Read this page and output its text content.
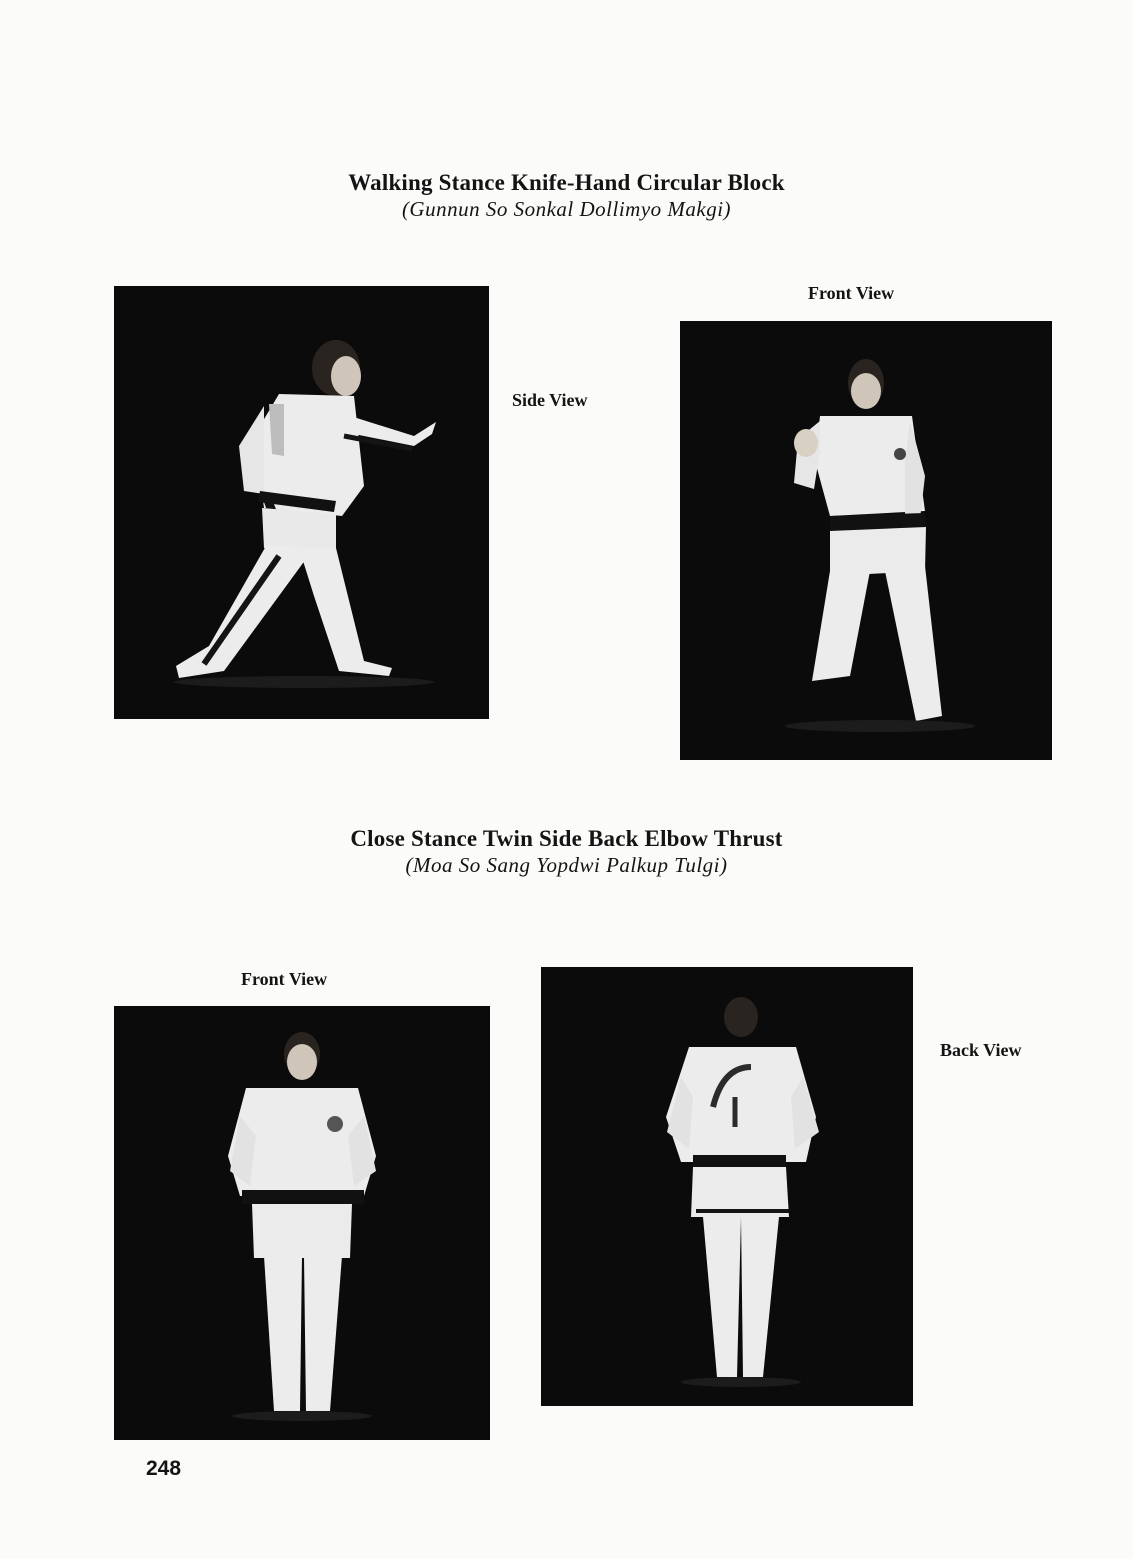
Walking Stance Knife-Hand Circular Block
(Gunnun So Sonkal Dollimyo Makgi)
Side View
Front View
Close Stance Twin Side Back Elbow Thrust
(Moa So Sang Yopdwi Palkup Tulgi)
Front View
Back View
248
